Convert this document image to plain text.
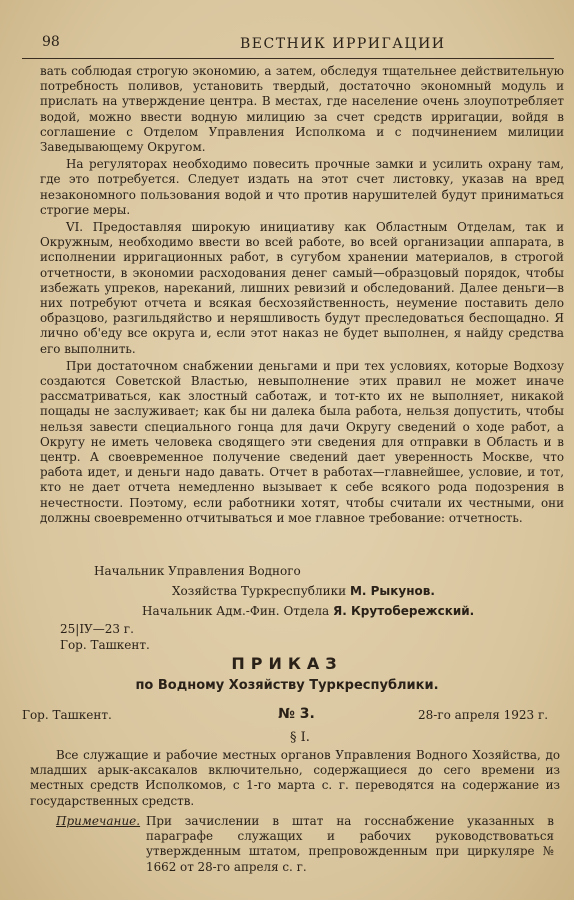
98	ВЕСТНИК ИРРИГАЦИИ

вать соблюдая строгую экономию, а затем, обследуя тщательнее действительную потребность поливов, установить твердый, достаточно экономный модуль и прислать на утверждение центра. В местах, где население очень злоупотребляет водой, можно ввести водную милицию за счет средств ирригации, войдя в соглашение с Отделом Управления Исполкома и с подчинением милиции Заведывающему Округом.

На регуляторах необходимо повесить прочные замки и усилить охрану там, где это потребуется. Следует издать на этот счет листовку, указав на вред незакономного пользования водой и что против нарушителей будут приниматься строгие меры.

VI. Предоставляя широкую инициативу как Областным Отделам, так и Окружным, необходимо ввести во всей работе, во всей организации аппарата, в исполнении ирригационных работ, в сугубом хранении материалов, в строгой отчетности, в экономии расходования денег самый—образцовый порядок, чтобы избежать упреков, нареканий, лишних ревизий и обследований. Далее деньги—в них потребуют отчета и всякая бесхозяйственность, неумение поставить дело образцово, разгильдяйство и неряшливость будут преследоваться беспощадно. Я лично об'еду все округа и, если этот наказ не будет выполнен, я найду средства его выполнить.

При достаточном снабжении деньгами и при тех условиях, которые Водхозу создаются Советской Властью, невыполнение этих правил не может иначе рассматриваться, как злостный саботаж, и тот-кто их не выполняет, никакой пощады не заслуживает; как бы ни далека была работа, нельзя допустить, чтобы нельзя завести специального гонца для дачи Округу сведений о ходе работ, а Округу не иметь человека сводящего эти сведения для отправки в Область и в центр. А своевременное получение сведений дает уверенность Москве, что работа идет, и деньги надо давать. Отчет в работах—главнейшее, условие, и тот, кто не дает отчета немедленно вызывает к себе всякого рода подозрения в нечестности. Поэтому, если работники хотят, чтобы считали их честными, они должны своевременно отчитываться и мое главное требование: отчетность.

Начальник Управления Водного
Хозяйства Туркреспублики М. Рыкунов.
Начальник Адм.-Фин. Отдела Я. Крутобережский.
25|IУ—23 г.
Гор. Ташкент.
ПРИКАЗ
по Водному Хозяйству Туркреспублики.
Гор. Ташкент.	№ 3.	28-го апреля 1923 г.
§ I.

Все служащие и рабочие местных органов Управления Водного Хозяйства, до младших арык-аксакалов включительно, содержащиеся до сего времени из местных средств Исполкомов, с 1-го марта с. г. переводятся на содержание из государственных средств.

Примечание. При зачислении в штат на госснабжение указанных в параграфе служащих и рабочих руководствоваться утвержденным штатом, препровожденным при циркуляре № 1662 от 28-го апреля с. г.
